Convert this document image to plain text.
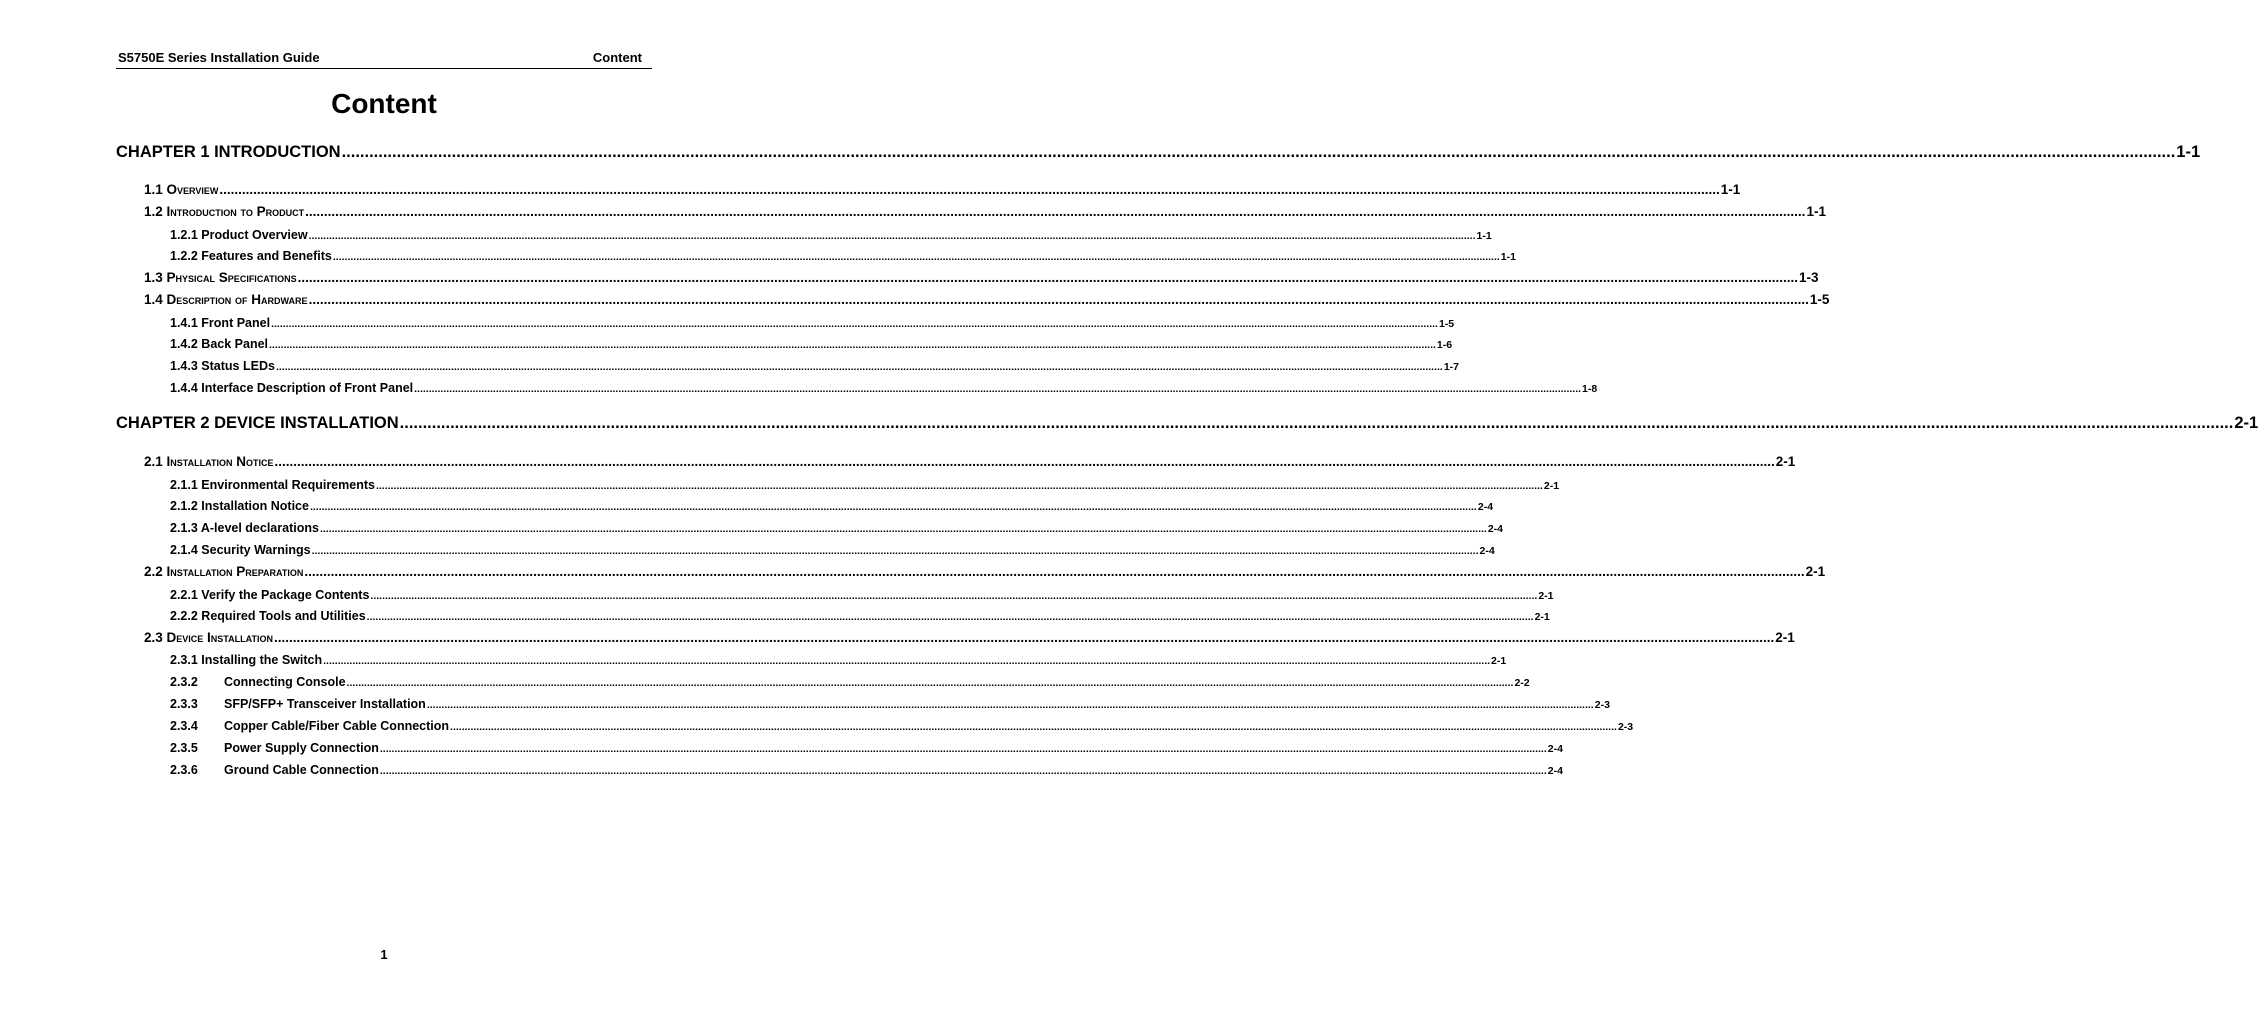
S5750E Series Installation Guide	Content
Content
CHAPTER 1 INTRODUCTION ................................................................................................................................................................................................................................................................................................................................................................................................................ 1-1
1.1 Overview ................................................................................................................................................................................................................................................................................................................................................................................................................ 1-1
1.2 Introduction to Product ................................................................................................................................................................................................................................................................................................................................................................................................................ 1-1
1.2.1 Product Overview ................................................................................................................................................................................................................................................................................................................................................................................................................ 1-1
1.2.2 Features and Benefits ................................................................................................................................................................................................................................................................................................................................................................................................................ 1-1
1.3 Physical Specifications ................................................................................................................................................................................................................................................................................................................................................................................................................ 1-3
1.4 Description of Hardware ................................................................................................................................................................................................................................................................................................................................................................................................................ 1-5
1.4.1 Front Panel ................................................................................................................................................................................................................................................................................................................................................................................................................ 1-5
1.4.2 Back Panel ................................................................................................................................................................................................................................................................................................................................................................................................................ 1-6
1.4.3 Status LEDs ................................................................................................................................................................................................................................................................................................................................................................................................................ 1-7
1.4.4 Interface Description of Front Panel ................................................................................................................................................................................................................................................................................................................................................................................................................ 1-8
CHAPTER 2 DEVICE INSTALLATION ................................................................................................................................................................................................................................................................................................................................................................................................................ 2-1
2.1 Installation Notice ................................................................................................................................................................................................................................................................................................................................................................................................................ 2-1
2.1.1 Environmental Requirements ................................................................................................................................................................................................................................................................................................................................................................................................................ 2-1
2.1.2 Installation Notice ................................................................................................................................................................................................................................................................................................................................................................................................................ 2-4
2.1.3 A-level declarations ................................................................................................................................................................................................................................................................................................................................................................................................................ 2-4
2.1.4 Security Warnings ................................................................................................................................................................................................................................................................................................................................................................................................................ 2-4
2.2 Installation Preparation ................................................................................................................................................................................................................................................................................................................................................................................................................ 2-1
2.2.1 Verify the Package Contents ................................................................................................................................................................................................................................................................................................................................................................................................................ 2-1
2.2.2 Required Tools and Utilities ................................................................................................................................................................................................................................................................................................................................................................................................................ 2-1
2.3 Device Installation ................................................................................................................................................................................................................................................................................................................................................................................................................ 2-1
2.3.1 Installing the Switch ................................................................................................................................................................................................................................................................................................................................................................................................................ 2-1
2.3.2 Connecting Console ................................................................................................................................................................................................................................................................................................................................................................................................................ 2-2
2.3.3 SFP/SFP+ Transceiver Installation ................................................................................................................................................................................................................................................................................................................................................................................................................ 2-3
2.3.4 Copper Cable/Fiber Cable Connection ................................................................................................................................................................................................................................................................................................................................................................................................................ 2-3
2.3.5 Power Supply Connection ................................................................................................................................................................................................................................................................................................................................................................................................................ 2-4
2.3.6 Ground Cable Connection ................................................................................................................................................................................................................................................................................................................................................................................................................ 2-4
1
